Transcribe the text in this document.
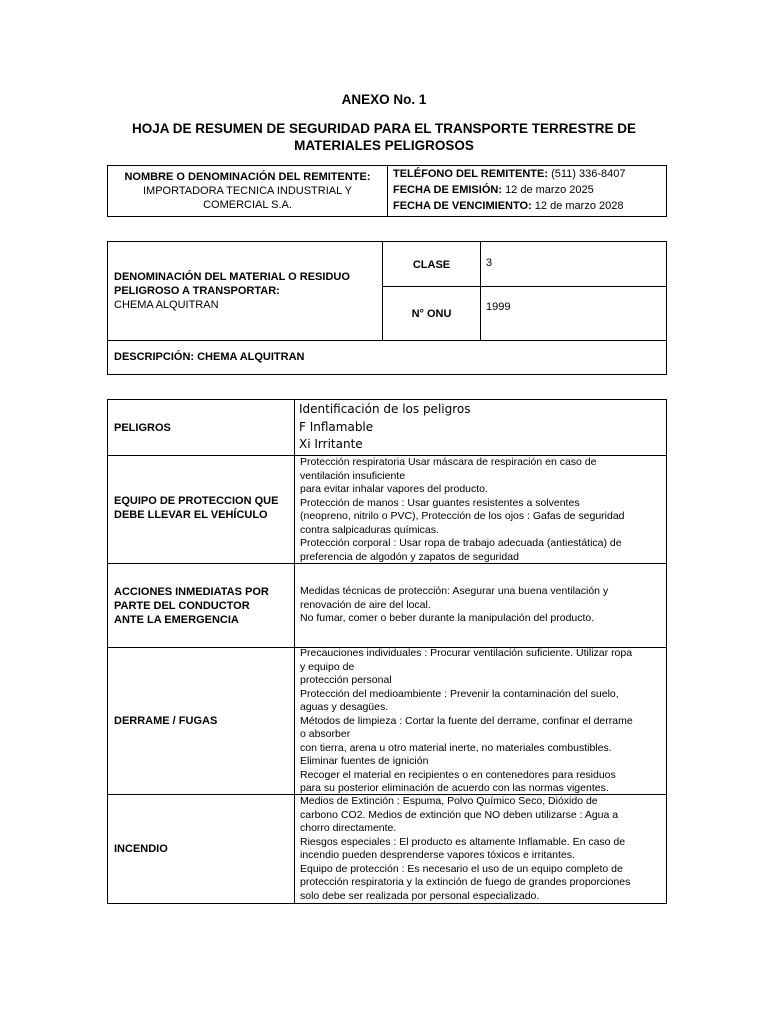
ANEXO No. 1
HOJA DE RESUMEN DE SEGURIDAD PARA EL TRANSPORTE TERRESTRE DE MATERIALES PELIGROSOS
NOMBRE O DENOMINACIÓN DEL REMITENTE:
IMPORTADORA TECNICA INDUSTRIAL Y
COMERCIAL S.A.
TELÉFONO DEL REMITENTE: (511) 336-8407
FECHA DE EMISIÓN: 12 de marzo 2025
FECHA DE VENCIMIENTO: 12 de marzo 2028
DENOMINACIÓN DEL MATERIAL O RESIDUO
PELIGROSO A TRANSPORTAR:
CHEMA ALQUITRAN
CLASE	3
N° ONU
1999
DESCRIPCIÓN: CHEMA ALQUITRAN
PELIGROS
Identificación de los peligros
F Inflamable
Xi Irritante
EQUIPO DE PROTECCION QUE
DEBE LLEVAR EL VEHÍCULO
Protección respiratoria Usar máscara de respiración en caso de
ventilación insuficiente
para evitar inhalar vapores del producto.
Protección de manos : Usar guantes resistentes a solventes
(neopreno, nitrilo o PVC), Protección de los ojos : Gafas de seguridad
contra salpicaduras químicas.
Protección corporal : Usar ropa de trabajo adecuada (antiestática) de
preferencia de algodón y zapatos de seguridad
ACCIONES INMEDIATAS POR
PARTE DEL CONDUCTOR
ANTE LA EMERGENCIA
Medidas técnicas de protección: Asegurar una buena ventilación y
renovación de aire del local.
No fumar, comer o beber durante la manipulación del producto.
DERRAME / FUGAS
Precauciones individuales : Procurar ventilación suficiente. Utilizar ropa
y equipo de
protección personal
Protección del medioambiente : Prevenir la contaminación del suelo,
aguas y desagües.
Métodos de limpieza : Cortar la fuente del derrame, confinar el derrame
o absorber
con tierra, arena u otro material inerte, no materiales combustibles.
Eliminar fuentes de ignición
Recoger el material en recipientes o en contenedores para residuos
para su posterior eliminación de acuerdo con las normas vigentes.
INCENDIO
Medios de Extinción : Espuma, Polvo Químico Seco, Dióxido de
carbono CO2. Medios de extinción que NO deben utilizarse : Agua a
chorro directamente.
Riesgos especiales : El producto es altamente Inflamable. En caso de
incendio pueden desprenderse vapores tóxicos e irritantes.
Equipo de protección : Es necesario el uso de un equipo completo de
protección respiratoria y la extinción de fuego de grandes proporciones
solo debe ser realizada por personal especializado.
